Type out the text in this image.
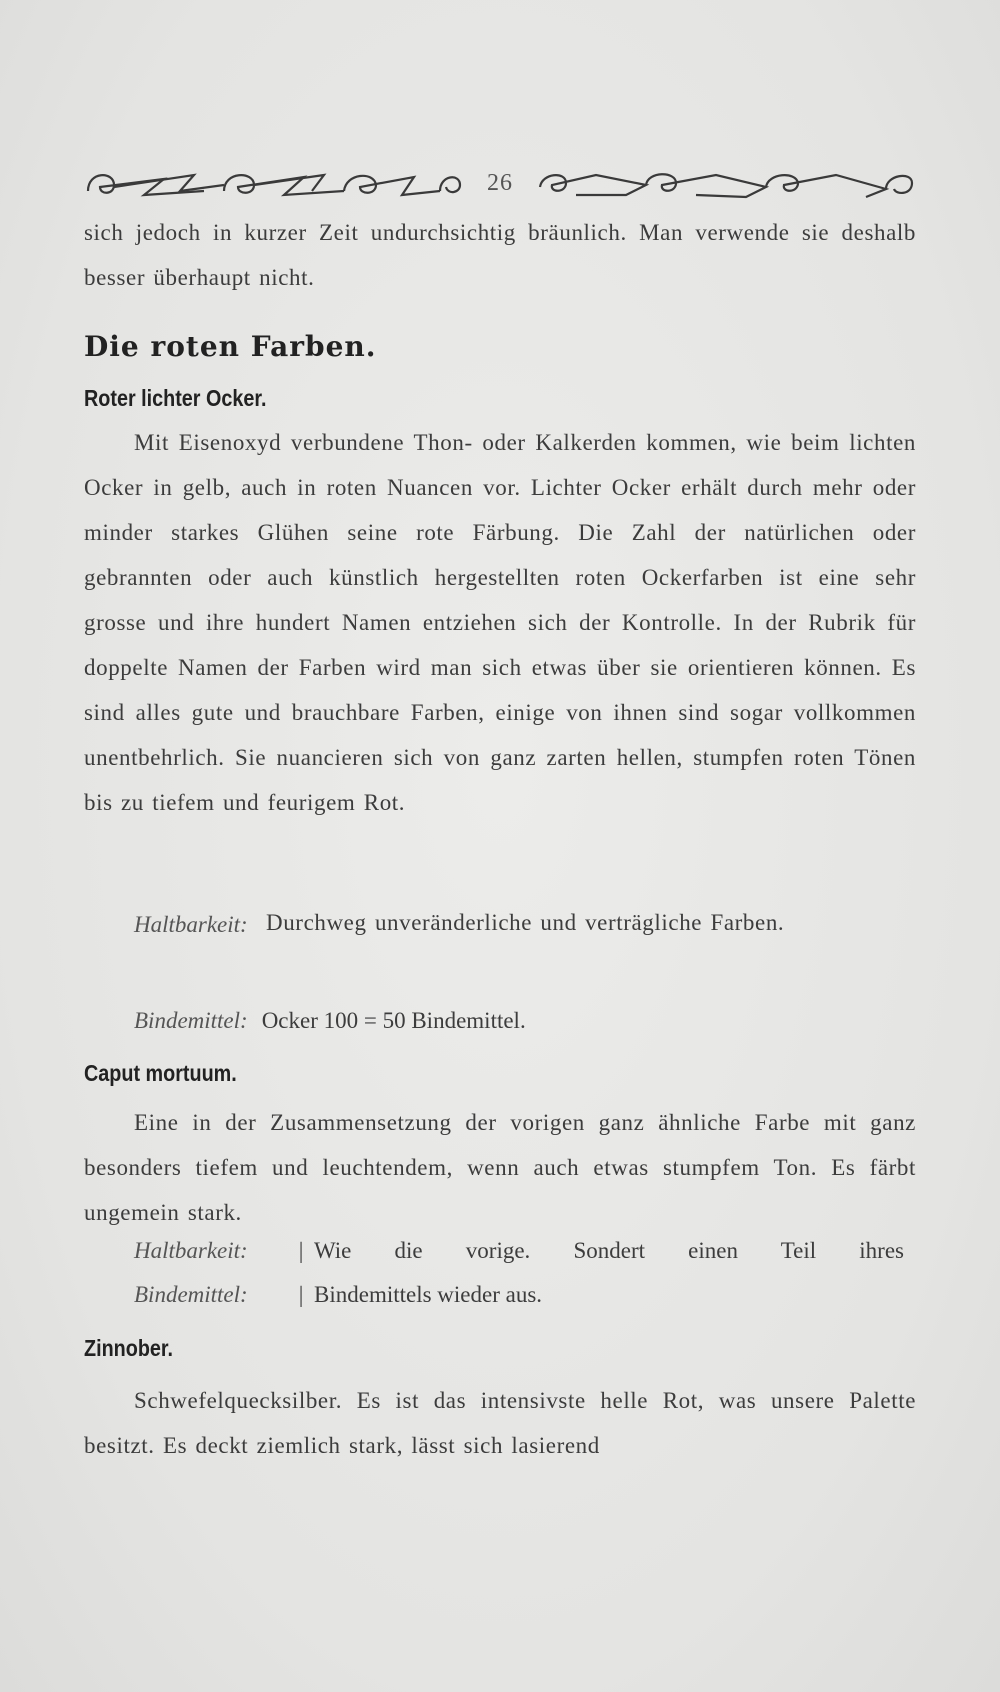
26
sich jedoch in kurzer Zeit undurchsichtig bräunlich. Man verwende sie deshalb besser überhaupt nicht.
Die roten Farben.
Roter lichter Ocker.
Mit Eisenoxyd verbundene Thon- oder Kalkerden kommen, wie beim lichten Ocker in gelb, auch in roten Nuancen vor. Lichter Ocker erhält durch mehr oder minder starkes Glühen seine rote Färbung. Die Zahl der natürlichen oder gebrannten oder auch künstlich hergestellten roten Ockerfarben ist eine sehr grosse und ihre hundert Namen entziehen sich der Kontrolle. In der Rubrik für doppelte Namen der Farben wird man sich etwas über sie orientieren können. Es sind alles gute und brauchbare Farben, einige von ihnen sind sogar vollkommen unentbehrlich. Sie nuancieren sich von ganz zarten hellen, stumpfen roten Tönen bis zu tiefem und feurigem Rot.
Haltbarkeit: Durchweg unveränderliche und verträgliche Farben.
Bindemittel: Ocker 100 = 50 Bindemittel.
Caput mortuum.
Eine in der Zusammensetzung der vorigen ganz ähnliche Farbe mit ganz besonders tiefem und leuchtendem, wenn auch etwas stumpfem Ton. Es färbt ungemein stark.
Haltbarkeit: | Wie die vorige. Sondert einen Teil ihres
Bindemittel: | Bindemittels wieder aus.
Zinnober.
Schwefelquecksilber. Es ist das intensivste helle Rot, was unsere Palette besitzt. Es deckt ziemlich stark, lässt sich lasierend
